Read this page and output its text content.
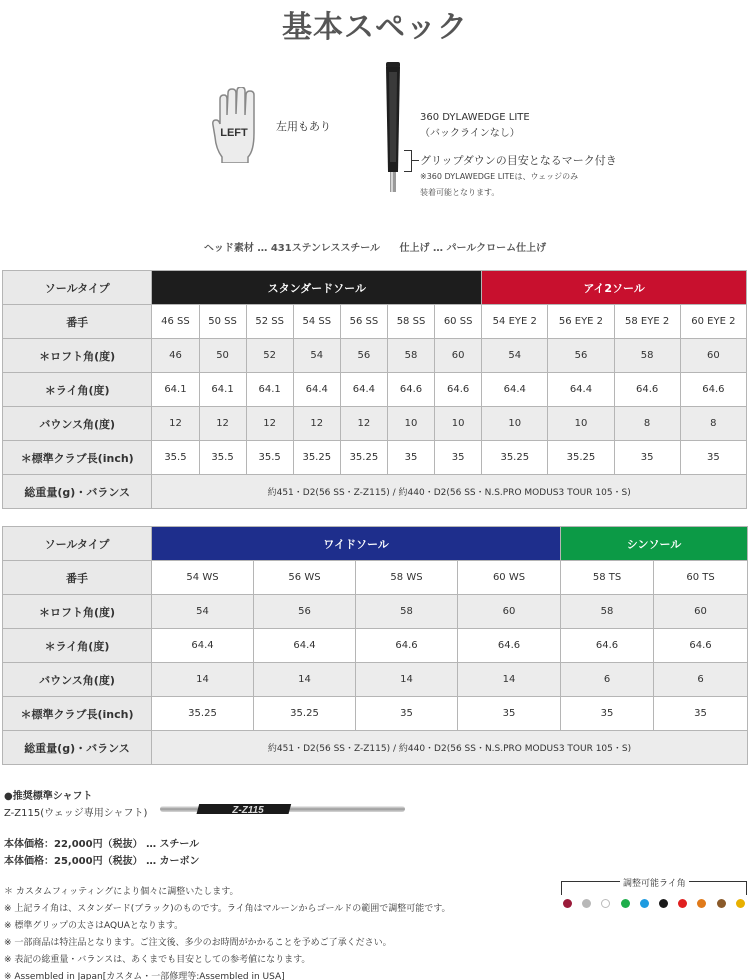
基本スペック
LEFT	左用もあり
360 DYLAWEDGE LITE
（バックラインなし）
グリップダウンの目安となるマーク付き
※360 DYLAWEDGE LITEは、ウェッジのみ
装着可能となります。
ヘッド素材 … 431ステンレススチール 仕上げ … パールクローム仕上げ
ソールタイプ	スタンダードソール							アイ2ソール			
番手	46 SS	50 SS	52 SS	54 SS	56 SS	58 SS	60 SS	54 EYE 2	56 EYE 2	58 EYE 2	60 EYE 2
＊ロフト角(度)	46	50	52	54	56	58	60	54	56	58	60
＊ライ角(度)	64.1	64.1	64.1	64.4	64.4	64.6	64.6	64.4	64.4	64.6	64.6
バウンス角(度)	12	12	12	12	12	10	10	10	10	8	8
＊標準クラブ長(inch)	35.5	35.5	35.5	35.25	35.25	35	35	35.25	35.25	35	35
総重量(g)・バランス	約451・D2(56 SS・Z-Z115) / 約440・D2(56 SS・N.S.PRO MODUS3 TOUR 105・S)										
ソールタイプ	ワイドソール				シンソール	
番手	54 WS	56 WS	58 WS	60 WS	58 TS	60 TS
＊ロフト角(度)	54	56	58	60	58	60
＊ライ角(度)	64.4	64.4	64.6	64.6	64.6	64.6
バウンス角(度)	14	14	14	14	6	6
＊標準クラブ長(inch)	35.25	35.25	35	35	35	35
総重量(g)・バランス	約451・D2(56 SS・Z-Z115) / 約440・D2(56 SS・N.S.PRO MODUS3 TOUR 105・S)					
●推奨標準シャフト
Z-Z115(ウェッジ専用シャフト)	Z-Z115
本体価格：22,000円（税抜） … スチール
本体価格：25,000円（税抜） … カーボン
＊ カスタムフィッティングにより個々に調整いたします。
※ 上記ライ角は、スタンダード(ブラック)のものです。ライ角はマルーンからゴールドの範囲で調整可能です。
※ 標準グリップの太さはAQUAとなります。
※ 一部商品は特注品となります。ご注文後、多少のお時間がかかることを予めご了承ください。
※ 表記の総重量・バランスは、あくまでも目安としての参考値になります。
※ Assembled in Japan[カスタム・一部修理等:Assembled in USA]
調整可能ライ角
